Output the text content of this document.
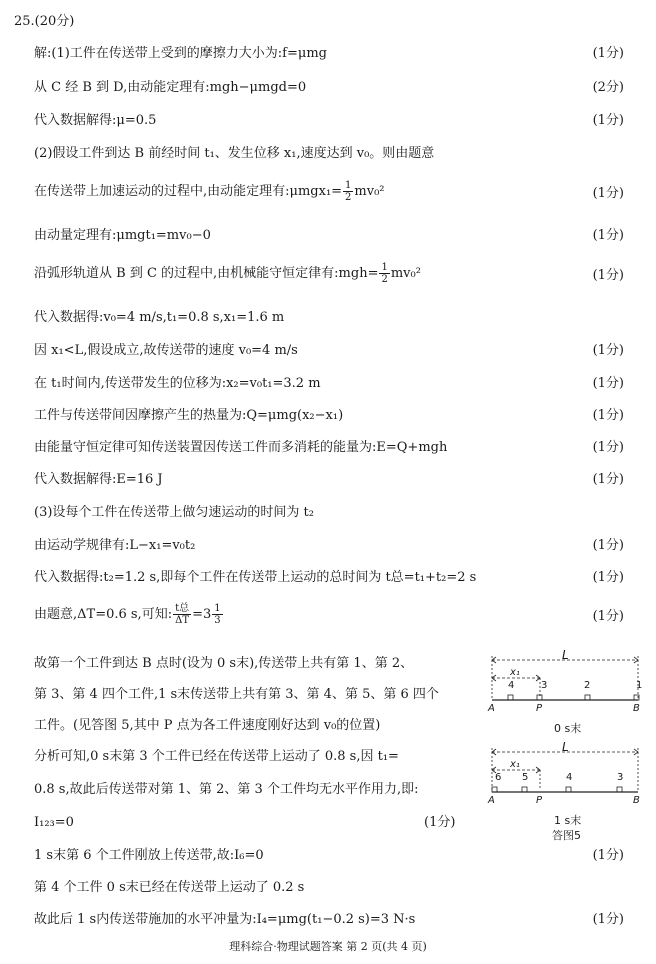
25.(20分)
解:(1)工件在传送带上受到的摩擦力大小为:f=μmg	(1分)
从 C 经 B 到 D,由动能定理有:mgh−μmgd=0	(2分)
代入数据解得:μ=0.5	(1分)
(2)假设工件到达 B 前经时间 t₁、发生位移 x₁,速度达到 v₀。则由题意
在传送带上加速运动的过程中,由动能定理有:μmgx₁= $\frac{1}{2} mv_0^2$	(1分)
由动量定理有:μmgt₁=mv₀−0	(1分)
沿弧形轨道从 B 到 C 的过程中,由机械能守恒定律有:mgh= $\frac{1}{2} mv_0^2$	(1分)
代入数据得:v₀=4 m/s,t₁=0.8 s,x₁=1.6 m
因 x₁<L,假设成立,故传送带的速度 v₀=4 m/s	(1分)
在 t₁时间内,传送带发生的位移为:x₂=v₀t₁=3.2 m	(1分)
工件与传送带间因摩擦产生的热量为:Q=μmg(x₂−x₁)	(1分)
由能量守恒定律可知传送装置因传送工件而多消耗的能量为:E=Q+mgh	(1分)
代入数据解得:E=16 J	(1分)
(3)设每个工件在传送带上做匀速运动的时间为 t₂
由运动学规律有:L−x₁=v₀t₂	(1分)
代入数据得:t₂=1.2 s,即每个工件在传送带上运动的总时间为 t总=t₁+t₂=2 s	(1分)
由题意,ΔT=0.6 s,可知: t总
$\Delta T =3 \frac{1}{3}$	(1分)
故第一个工件到达 B 点时(设为 0 s末),传送带上共有第 1、第 2、
第 3、第 4 四个工件,1 s末传送带上共有第 3、第 4、第 5、第 6 四个
工件。(见答图 5,其中 P 点为各工件速度刚好达到 v₀的位置)
分析可知,0 s末第 3 个工件已经在传送带上运动了 0.8 s,因 t₁=
0.8 s,故此后传送带对第 1、第 2、第 3 个工件均无水平作用力,即:
I₁₂₃=0	(1分)
1 s末第 6 个工件刚放上传送带,故:I₆=0	(1分)
第 4 个工件 0 s末已经在传送带上运动了 0.2 s
故此后 1 s内传送带施加的水平冲量为:I₄=μmg(t₁−0.2 s)=3 N·s	(1分)
L
x₁
4	3	2	1
A	P	B
0 s末
L
x₁
6 5	4	3
A	P	B
1 s末
答图5
理科综合·物理试题答案 第 2 页(共 4 页)
